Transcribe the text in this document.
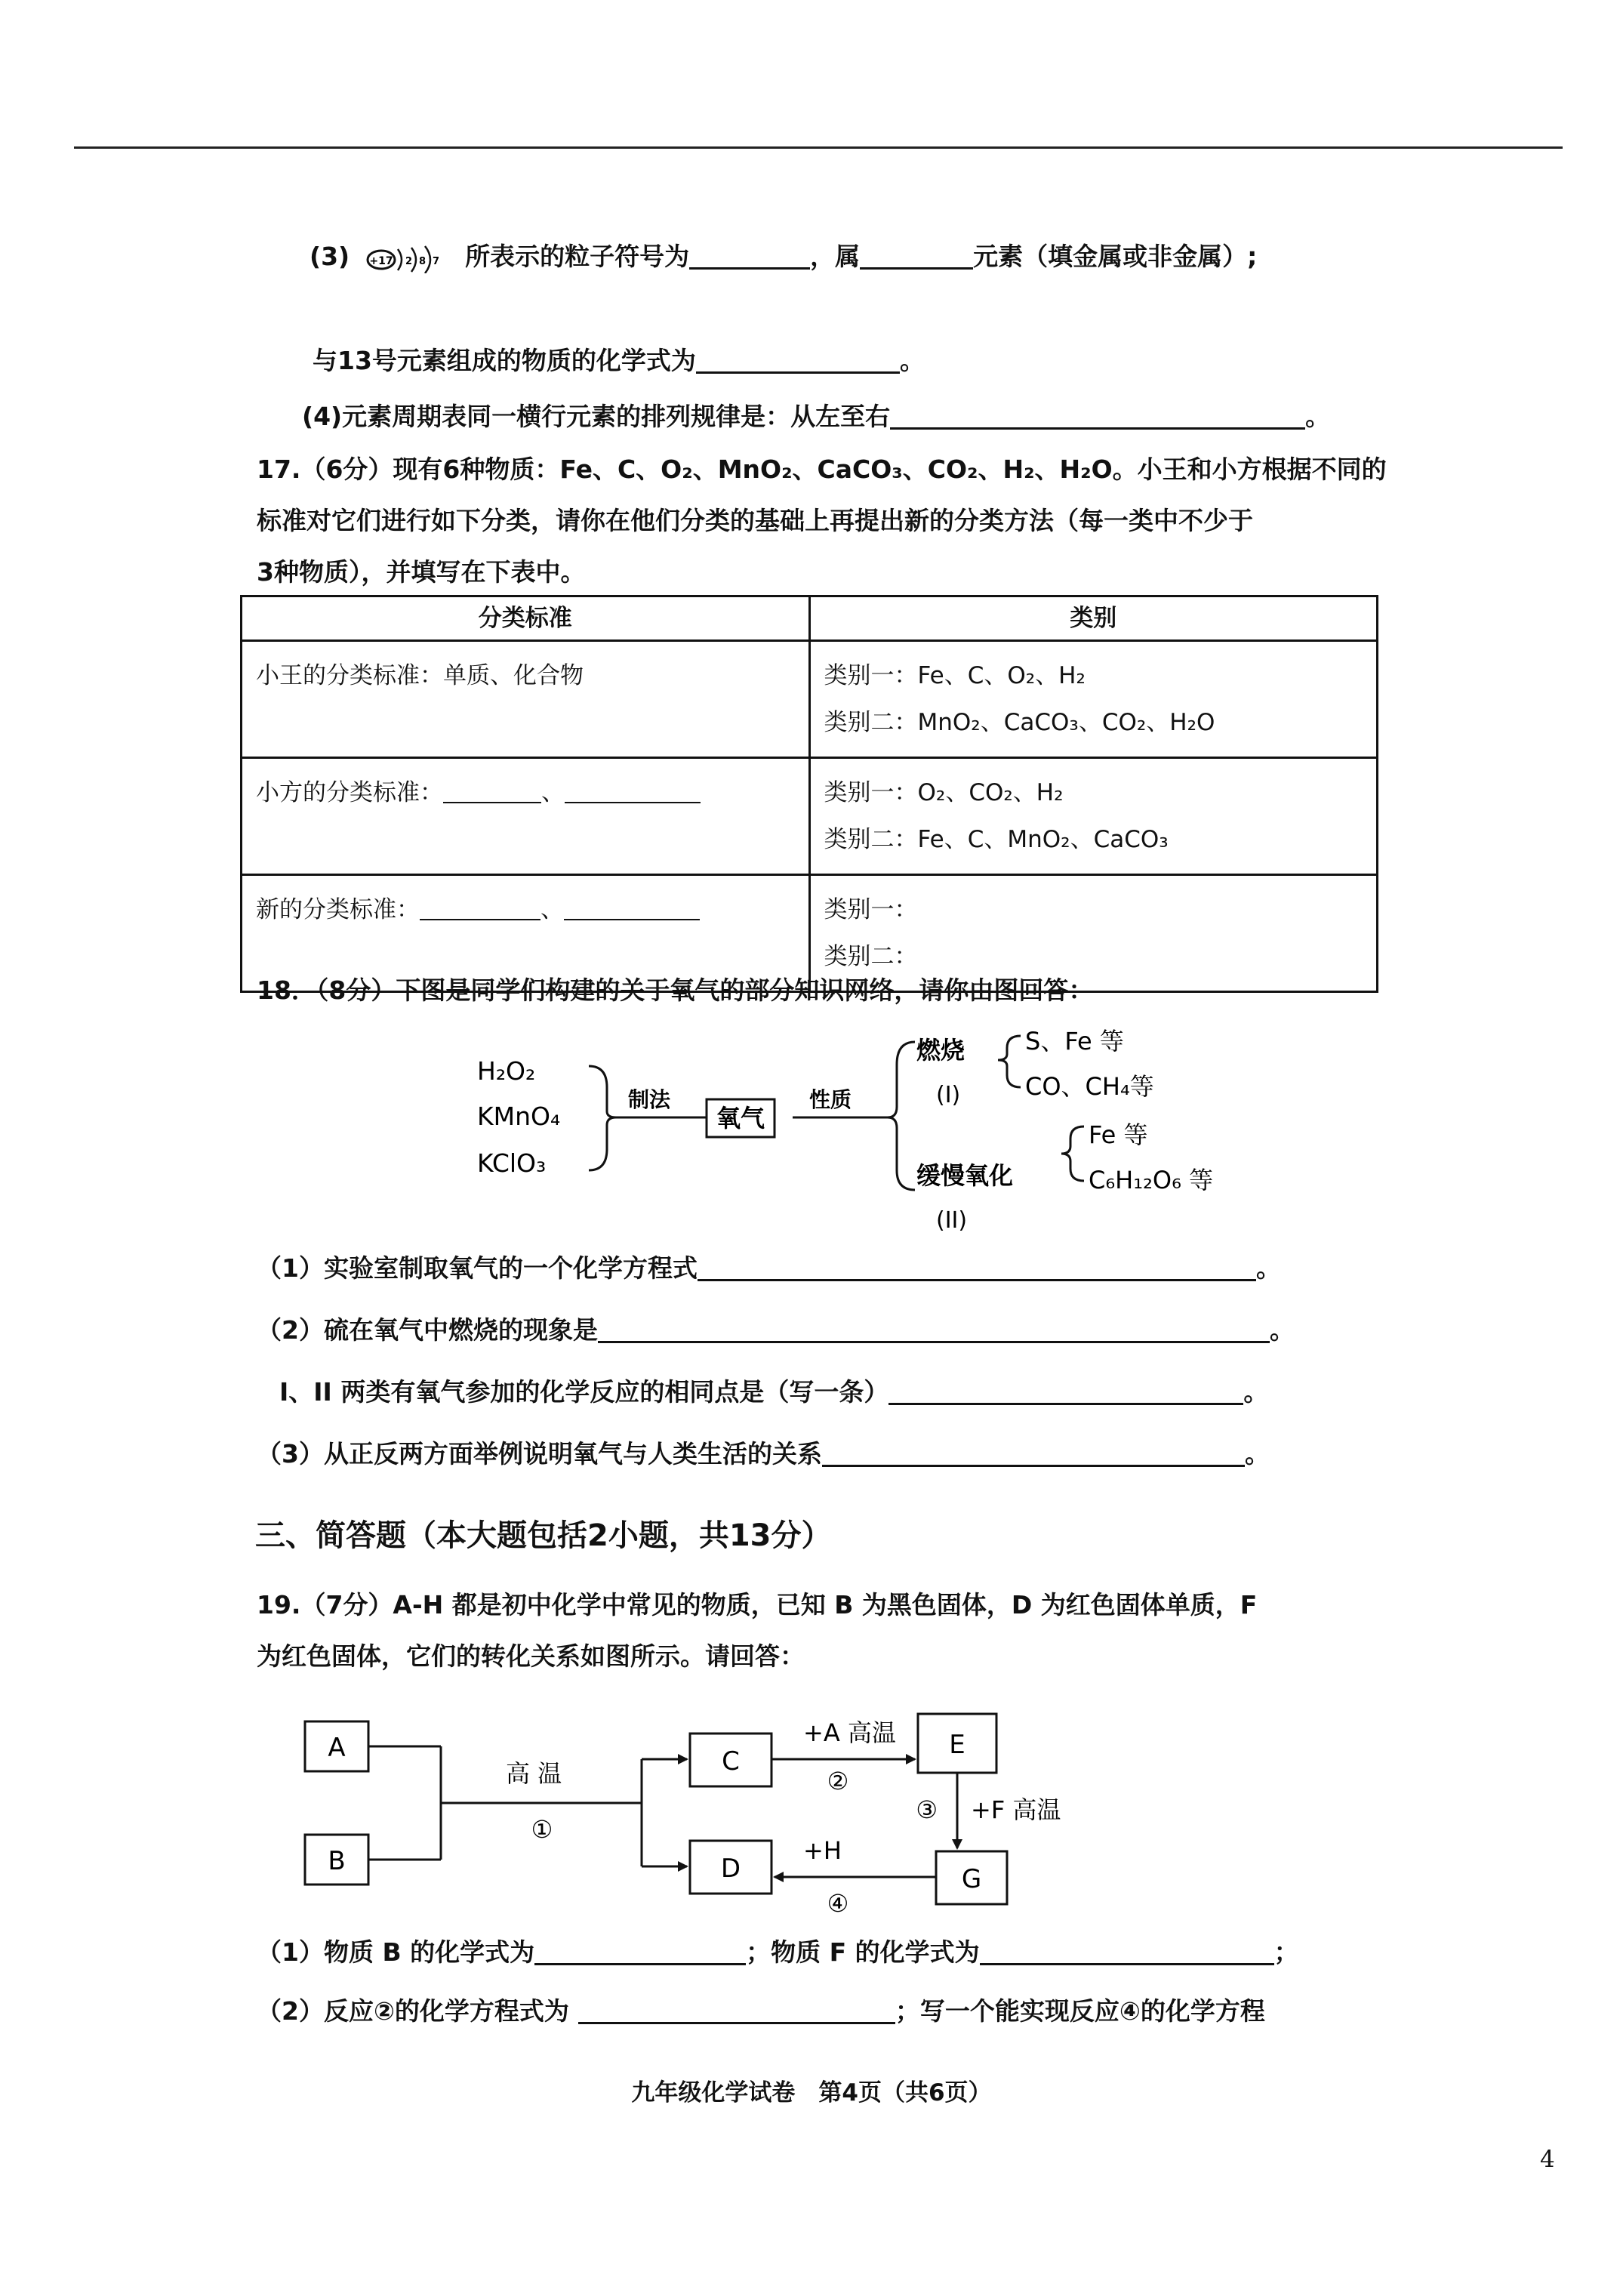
(3) +17 2 8 7 所表示的粒子符号为	，属	元素（填金属或非金属）;
与13号元素组成的物质的化学式为	。
(4)元素周期表同一横行元素的排列规律是：从左至右	。
17.（6分）现有6种物质：Fe、C、O₂、MnO₂、CaCO₃、CO₂、H₂、H₂O。小王和小方根据不同的
标准对它们进行如下分类，请你在他们分类的基础上再提出新的分类方法（每一类中不少于
3种物质），并填写在下表中。
分类标准	类别
小王的分类标准：单质、化合物	类别一：Fe、C、O₂、H₂
类别二：MnO₂、CaCO₃、CO₂、H₂O

小方的分类标准： 、	类别一：O₂、CO₂、H₂
类别二：Fe、C、MnO₂、CaCO₃

新的分类标准： 、	类别一：
类别二：
18．（8分）下图是同学们构建的关于氧气的部分知识网络，请你由图回答：
H₂O₂
KMnO₄
KClO₃
制法
氧气
性质
燃烧
(I)
S、Fe 等
CO、CH₄等
缓慢氧化
(II)
Fe 等
C₆H₁₂O₆ 等
（1）实验室制取氧气的一个化学方程式	。
（2）硫在氧气中燃烧的现象是	。
I、II 两类有氧气参加的化学反应的相同点是（写一条）	。
（3）从正反两方面举例说明氧气与人类生活的关系	。
三、简答题（本大题包括2小题，共13分）
19.（7分）A-H 都是初中化学中常见的物质，已知 B 为黑色固体，D 为红色固体单质，F
为红色固体，它们的转化关系如图所示。请回答：
A
B
高 温
①
C
D
+A 高温
②
E
③ +F 高温
G
+H
④
（1）物质 B 的化学式为	；物质 F 的化学式为	；
（2）反应②的化学方程式为	；写一个能实现反应④的化学方程
九年级化学试卷　第4页（共6页）
4
